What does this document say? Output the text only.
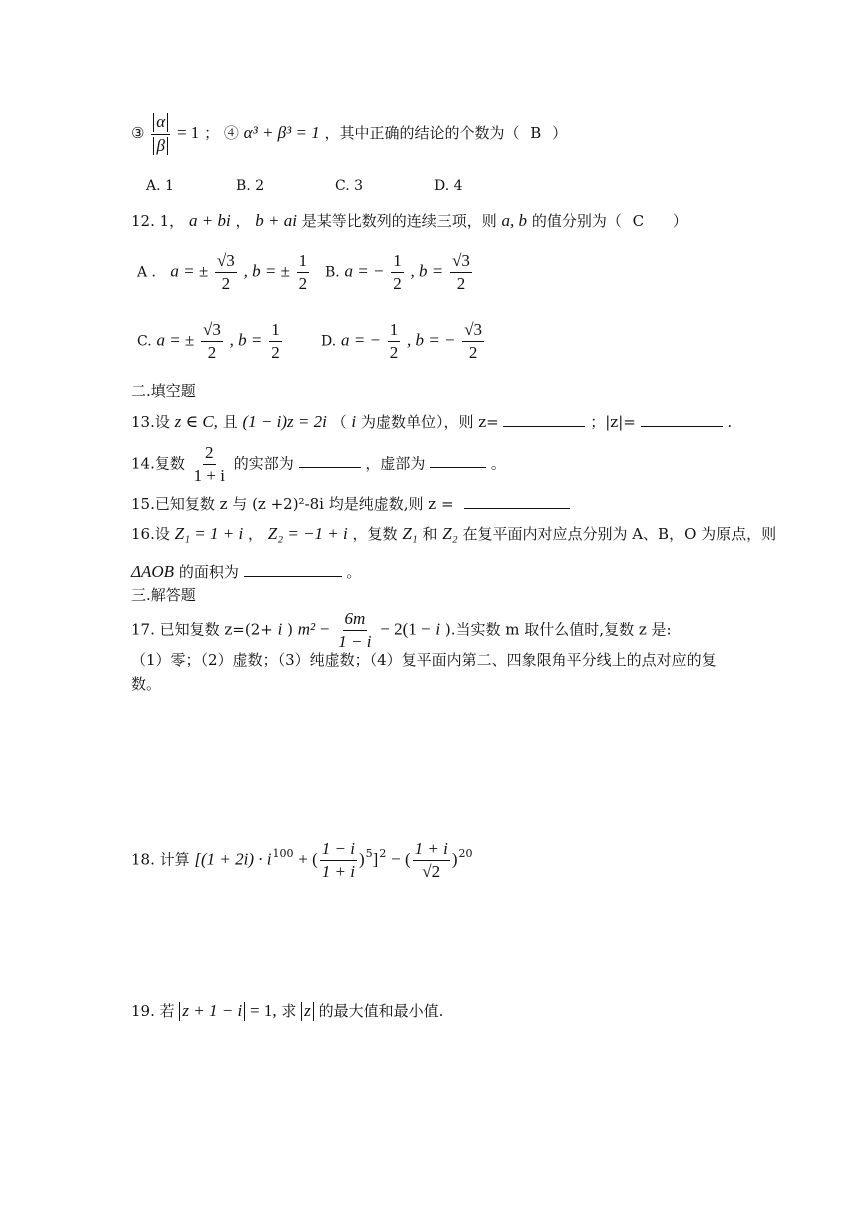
③ $\frac{\alpha}{\beta} = 1$ ； ④ α³ + β³ = 1 ，其中正确的结论的个数为（ B ）
A. 1	B. 2	C. 3	D. 4
12. 1， a + bi ， b + ai 是某等比数列的连续三项，则 a, b 的值分别为（ C ）
A ． a = ± $\frac{√3}{2}$ , b = ± $\frac{1}{2} B$. a = − $\frac{1}{2}$ , $b = \frac{√3}{2}$
C. a = ± $\frac{√3}{2}$ , $b = \frac{1}{2}$	D. a = − $\frac{1}{2}$ , b = − $\frac{√3}{2}$
二.填空题
13.设 z ∈ C, 且 (1 − i)z = 2i （ i 为虚数单位），则 z=	；|z|=	.
14.复数 $\frac{2}{1 + i}$ 的实部为	，虚部为	。
15.已知复数 z 与 (z +2)²-8i 均是纯虚数,则 z =
16.设 Z₁ = 1 + i ， Z₂ = −1 + i ，复数 Z₁ 和 Z₂ 在复平面内对应点分别为 A、B，O 为原点，则
ΔAOB 的面积为	。
三.解答题
17. 已知复数 z=(2+ i ) $m^2 - \frac{6m}{1 - i} - 2(1 - i$ ).当实数 m 取什么值时,复数 z 是:
（1）零；（2）虚数；（3）纯虚数；（4）复平面内第二、四象限角平分线上的点对应的复
数。
18. 计算 [$(1 + 2i) \cdot i^{100}$ + ( $\frac{1 - i}{1 + i} )^5]^2$ − ( $\frac{1 + i}{√2} )^{20}$
19. 若 z + 1 − i = 1, 求 z 的最大值和最小值.
